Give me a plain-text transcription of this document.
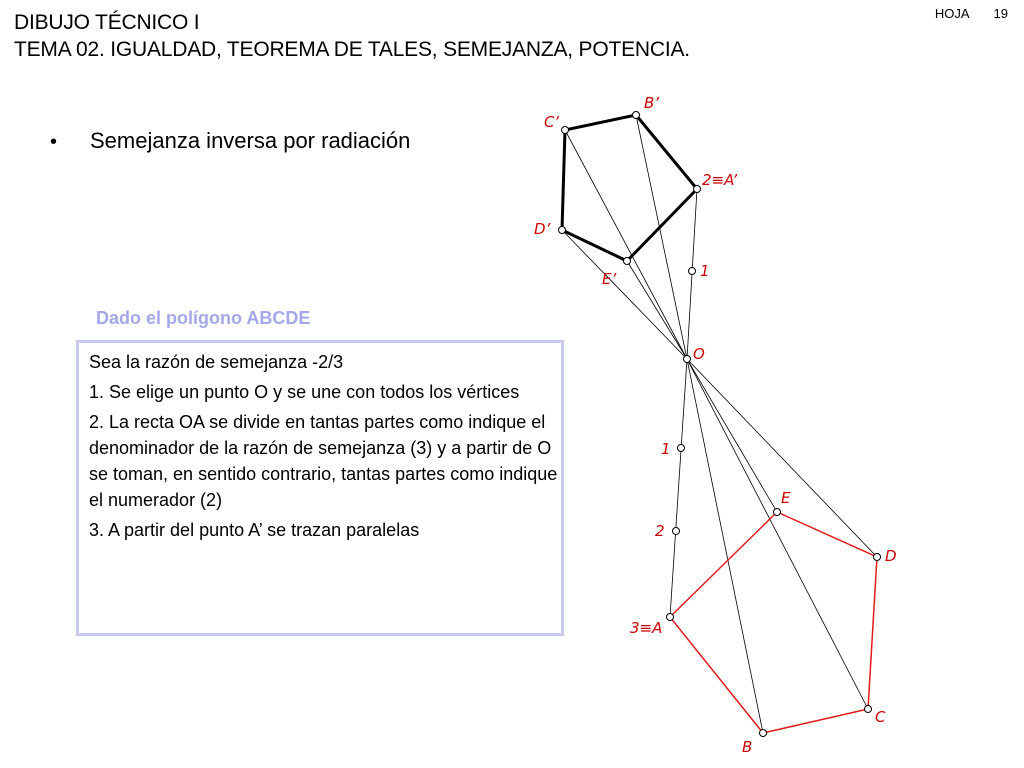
DIBUJO TÉCNICO I
TEMA 02. IGUALDAD, TEOREMA DE TALES, SEMEJANZA, POTENCIA.
HOJA 19
•	Semejanza inversa por radiación
Dado el polígono ABCDE

Sea la razón de semejanza -2/3

1. Se elige un punto O y se une con todos los vértices

2. La recta OA se divide en tantas partes como indique el denominador de la razón de semejanza (3) y a partir de O se toman, en sentido contrario, tantas partes como indique el numerador (2)

3. A partir del punto A’ se trazan paralelas

B’
C’
2≡A’
D’
E’	1
O
1
2
E
D
3≡A
C
B
